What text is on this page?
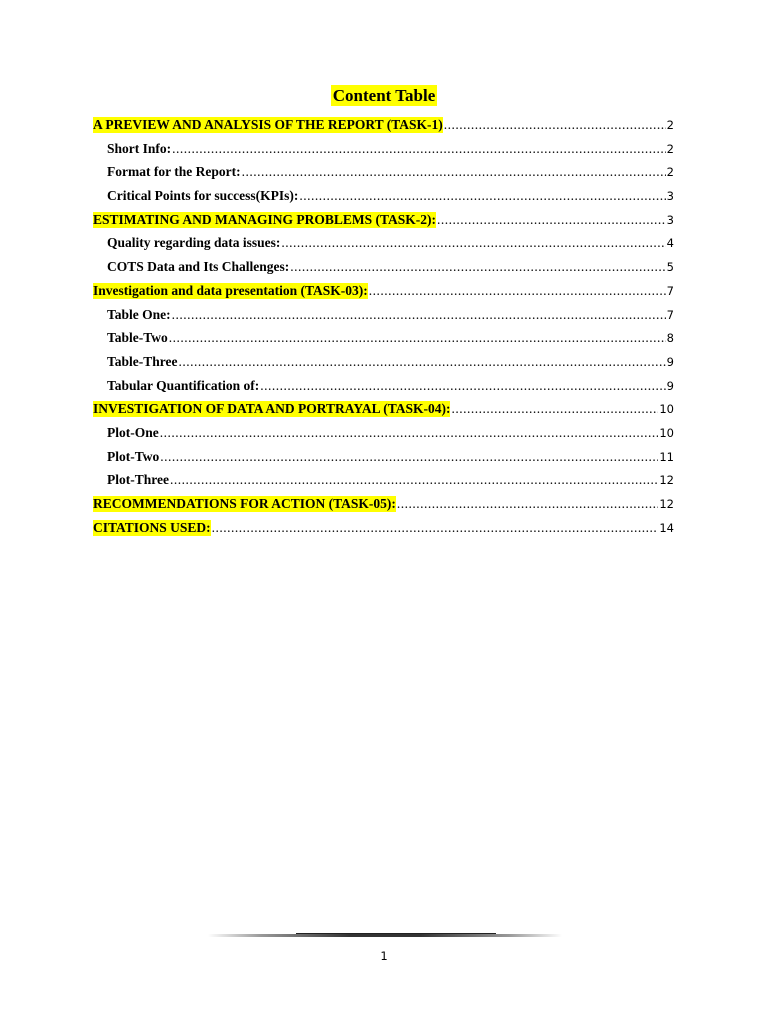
Content Table
A PREVIEW AND ANALYSIS OF THE REPORT (TASK-1) .....	2
Short Info: .....	2
Format for the Report: .....	2
Critical Points for success(KPIs): .....	3
ESTIMATING AND MANAGING PROBLEMS (TASK-2): .....	3
Quality regarding data issues: .....	4
COTS Data and Its Challenges: .....	5
Investigation and data presentation (TASK-03): .....	7
Table One: .....	7
Table-Two .....	8
Table-Three .....	9
Tabular Quantification of: .....	9
INVESTIGATION OF DATA AND PORTRAYAL (TASK-04): .....	10
Plot-One .....	10
Plot-Two .....	11
Plot-Three .....	12
RECOMMENDATIONS FOR ACTION (TASK-05): .....	12
CITATIONS USED: .....	14
1
